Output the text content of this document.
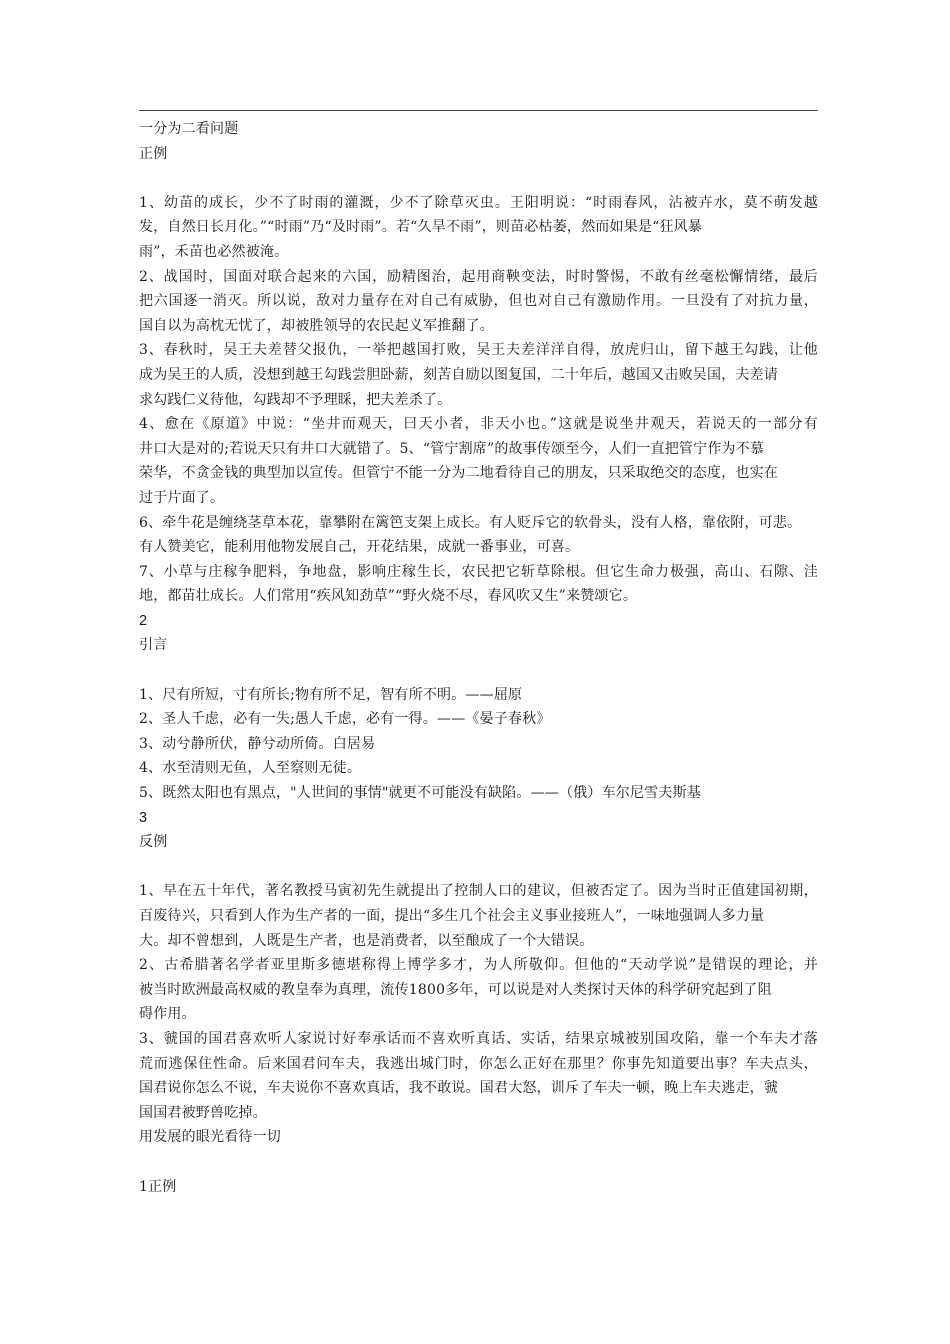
一分为二看问题
正例
1、幼苗的成长，少不了时雨的灌溉，少不了除草灭虫。王阳明说：“时雨春风，沾被卉水，莫不萌发越
发，自然日长月化。”“时雨”乃“及时雨”。若“久旱不雨”，则苗必枯萎，然而如果是“狂风暴
雨”，禾苗也必然被淹。
2、战国时，国面对联合起来的六国，励精图治，起用商鞅变法，时时警惕，不敢有丝毫松懈情绪，最后
把六国逐一消灭。所以说，敌对力量存在对自己有威胁，但也对自己有激励作用。一旦没有了对抗力量，
国自以为高枕无忧了，却被胜领导的农民起义军推翻了。
3、春秋时，吴王夫差替父报仇，一举把越国打败，吴王夫差洋洋自得，放虎归山，留下越王勾践，让他
成为吴王的人质，没想到越王勾践尝胆卧薪，刻苦自励以图复国，二十年后，越国又击败吴国，夫差请
求勾践仁义待他，勾践却不予理睬，把夫差杀了。
4、愈在《原道》中说：“坐井而观天，曰天小者，非天小也。”这就是说坐井观天，若说天的一部分有
井口大是对的;若说天只有井口大就错了。5、“管宁割席”的故事传颂至今，人们一直把管宁作为不慕
荣华，不贪金钱的典型加以宣传。但管宁不能一分为二地看待自己的朋友，只采取绝交的态度，也实在
过于片面了。
6、牵牛花是缠绕茎草本花，靠攀附在篱笆支架上成长。有人贬斥它的软骨头，没有人格，靠依附，可悲。
有人赞美它，能利用他物发展自己，开花结果，成就一番事业，可喜。
7、小草与庄稼争肥料，争地盘，影响庄稼生长，农民把它斩草除根。但它生命力极强，高山、石隙、洼
地，都苗壮成长。人们常用“疾风知劲草”“野火烧不尽，春风吹又生”来赞颂它。
2
引言
1、尺有所短，寸有所长;物有所不足，智有所不明。——屈原
2、圣人千虑，必有一失;愚人千虑，必有一得。——《晏子春秋》
3、动兮静所伏，静兮动所倚。白居易
4、水至清则无鱼，人至察则无徒。
5、既然太阳也有黑点，"人世间的事情"就更不可能没有缺陷。——（俄）车尔尼雪夫斯基
3
反例
1、早在五十年代，著名教授马寅初先生就提出了控制人口的建议，但被否定了。因为当时正值建国初期，
百废待兴，只看到人作为生产者的一面，提出“多生几个社会主义事业接班人”，一味地强调人多力量
大。却不曾想到，人既是生产者，也是消费者，以至酿成了一个大错误。
2、古希腊著名学者亚里斯多德堪称得上博学多才，为人所敬仰。但他的“天动学说”是错误的理论，并
被当时欧洲最高权威的教皇奉为真理，流传1800多年，可以说是对人类探讨天体的科学研究起到了阻
碍作用。
3、虢国的国君喜欢听人家说讨好奉承话而不喜欢听真话、实话，结果京城被别国攻陷，靠一个车夫才落
荒而逃保住性命。后来国君问车夫，我逃出城门时，你怎么正好在那里？你事先知道要出事？车夫点头，
国君说你怎么不说，车夫说你不喜欢真话，我不敢说。国君大怒，训斥了车夫一顿，晚上车夫逃走，虢
国国君被野兽吃掉。
用发展的眼光看待一切
1正例
